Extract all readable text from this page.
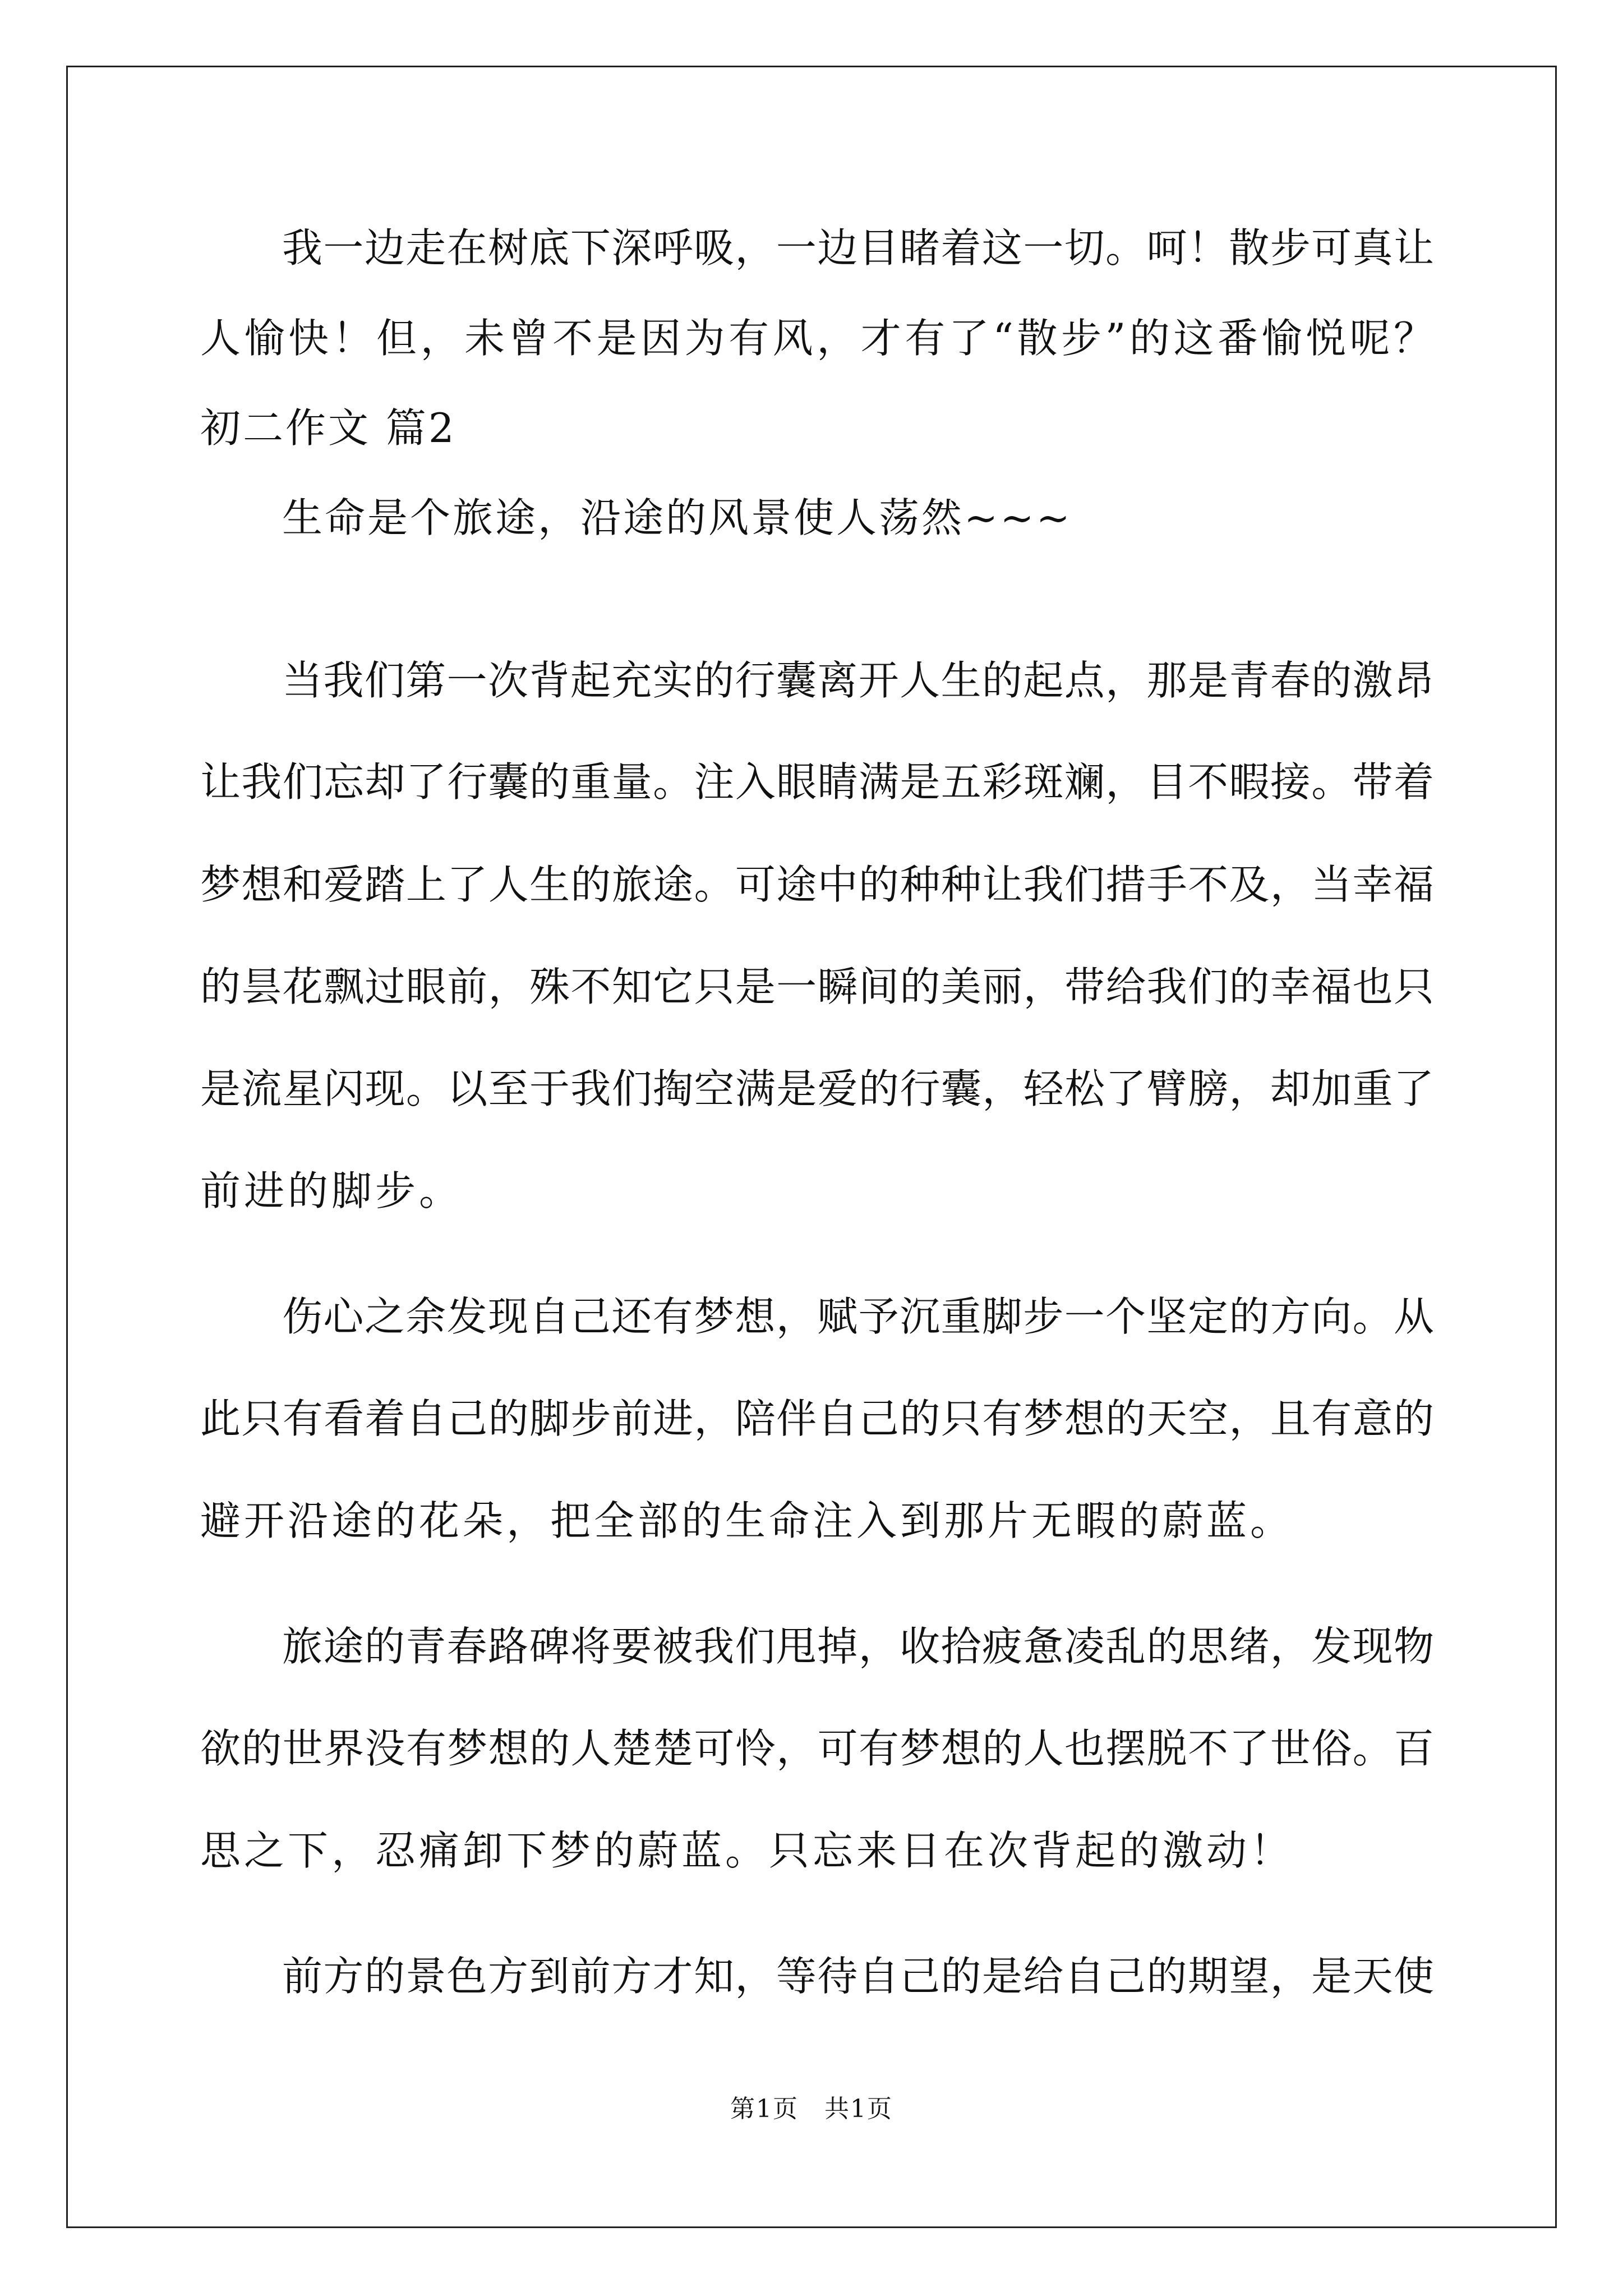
我一边走在树底下深呼吸，一边目睹着这一切。呵！散步可真让
人愉快！但，未曾不是因为有风，才有了“散步”的这番愉悦呢？
初二作文 篇2
生命是个旅途，沿途的风景使人荡然~~~
当我们第一次背起充实的行囊离开人生的起点，那是青春的激昂
让我们忘却了行囊的重量。注入眼睛满是五彩斑斓，目不暇接。带着
梦想和爱踏上了人生的旅途。可途中的种种让我们措手不及，当幸福
的昙花飘过眼前，殊不知它只是一瞬间的美丽，带给我们的幸福也只
是流星闪现。以至于我们掏空满是爱的行囊，轻松了臂膀，却加重了
前进的脚步。
伤心之余发现自己还有梦想，赋予沉重脚步一个坚定的方向。从
此只有看着自己的脚步前进，陪伴自己的只有梦想的天空，且有意的
避开沿途的花朵，把全部的生命注入到那片无暇的蔚蓝。
旅途的青春路碑将要被我们甩掉，收拾疲惫凌乱的思绪，发现物
欲的世界没有梦想的人楚楚可怜，可有梦想的人也摆脱不了世俗。百
思之下，忍痛卸下梦的蔚蓝。只忘来日在次背起的激动！
前方的景色方到前方才知，等待自己的是给自己的期望，是天使
第1页　共1页
